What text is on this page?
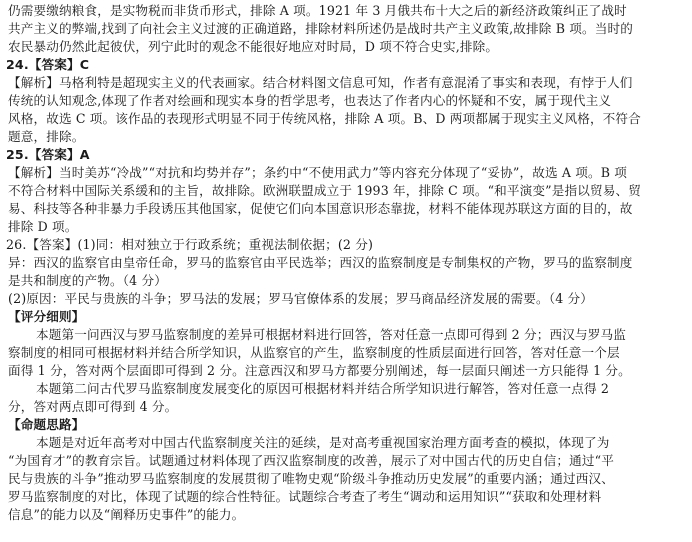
仍需要缴纳粮食，是实物税而非货币形式，排除 A 项。1921 年 3 月俄共布十大之后的新经济政策纠正了战时
共产主义的弊端,找到了向社会主义过渡的正确道路，排除材料所述仍是战时共产主义政策,故排除 B 项。当时的
农民暴动仍然此起彼伏，列宁此时的观念不能很好地应对时局，D 项不符合史实,排除。
24.【答案】C
【解析】马格利特是超现实主义的代表画家。结合材料图文信息可知，作者有意混淆了事实和表现，有悖于人们
传统的认知观念,体现了作者对绘画和现实本身的哲学思考，也表达了作者内心的怀疑和不安，属于现代主义
风格，故选 C 项。该作品的表现形式明显不同于传统风格，排除 A 项。B、D 两项都属于现实主义风格，不符合
题意，排除。
25.【答案】A
【解析】当时美苏“冷战”“对抗和均势并存”；条约中“不使用武力”等内容充分体现了“妥协”，故选 A 项。B 项
不符合材料中国际关系缓和的主旨，故排除。欧洲联盟成立于 1993 年，排除 C 项。“和平演变”是指以贸易、贸
易、科技等各种非暴力手段诱压其他国家，促使它们向本国意识形态靠拢，材料不能体现苏联这方面的目的，故
排除 D 项。
26.【答案】(1)同：相对独立于行政系统；重视法制依据；(2 分)
异：西汉的监察官由皇帝任命，罗马的监察官由平民选举；西汉的监察制度是专制集权的产物，罗马的监察制度
是共和制度的产物。（4 分）
(2)原因：平民与贵族的斗争；罗马法的发展；罗马官僚体系的发展；罗马商品经济发展的需要。（4 分）
【评分细则】
本题第一问西汉与罗马监察制度的差异可根据材料进行回答，答对任意一点即可得到 2 分；西汉与罗马监
察制度的相同可根据材料并结合所学知识，从监察官的产生，监察制度的性质层面进行回答，答对任意一个层
面得 1 分，答对两个层面即可得到 2 分。注意西汉和罗马方都要分别阐述，每一层面只阐述一方只能得 1 分。
本题第二问古代罗马监察制度发展变化的原因可根据材料并结合所学知识进行解答，答对任意一点得 2
分，答对两点即可得到 4 分。
【命题思路】
本题是对近年高考对中国古代监察制度关注的延续，是对高考重视国家治理方面考查的模拟，体现了为
“为国育才”的教育宗旨。试题通过材料体现了西汉监察制度的改善，展示了对中国古代的历史自信；通过“平
民与贵族的斗争”推动罗马监察制度的发展贯彻了唯物史观“阶级斗争推动历史发展”的重要内涵；通过西汉、
罗马监察制度的对比，体现了试题的综合性特征。试题综合考查了考生“调动和运用知识”“获取和处理材料
信息”的能力以及“阐释历史事件”的能力。
